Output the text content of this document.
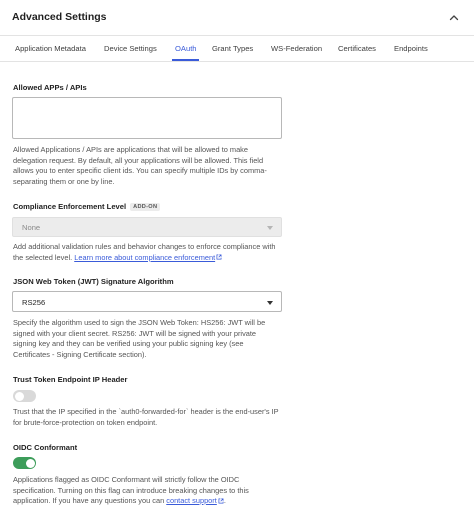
Advanced Settings
Application Metadata Device Settings OAuth Grant Types WS-Federation Certificates Endpoints
Allowed APPs / APIs

Allowed Applications / APIs are applications that will be allowed to make delegation request. By default, all your applications will be allowed. This field allows you to enter specific client ids. You can specify multiple IDs by comma-separating them or one by line.

Compliance Enforcement Level ADD-ON
None

Add additional validation rules and behavior changes to enforce compliance with the selected level. Learn more about compliance enforcement

JSON Web Token (JWT) Signature Algorithm
RS256

Specify the algorithm used to sign the JSON Web Token: HS256: JWT will be signed with your client secret. RS256: JWT will be signed with your private signing key and they can be verified using your public signing key (see Certificates - Signing Certificate section).

Trust Token Endpoint IP Header

Trust that the IP specified in the `auth0-forwarded-for` header is the end-user's IP for brute-force-protection on token endpoint.

OIDC Conformant

Applications flagged as OIDC Conformant will strictly follow the OIDC specification. Turning on this flag can introduce breaking changes to this application. If you have any questions you can contact support .
